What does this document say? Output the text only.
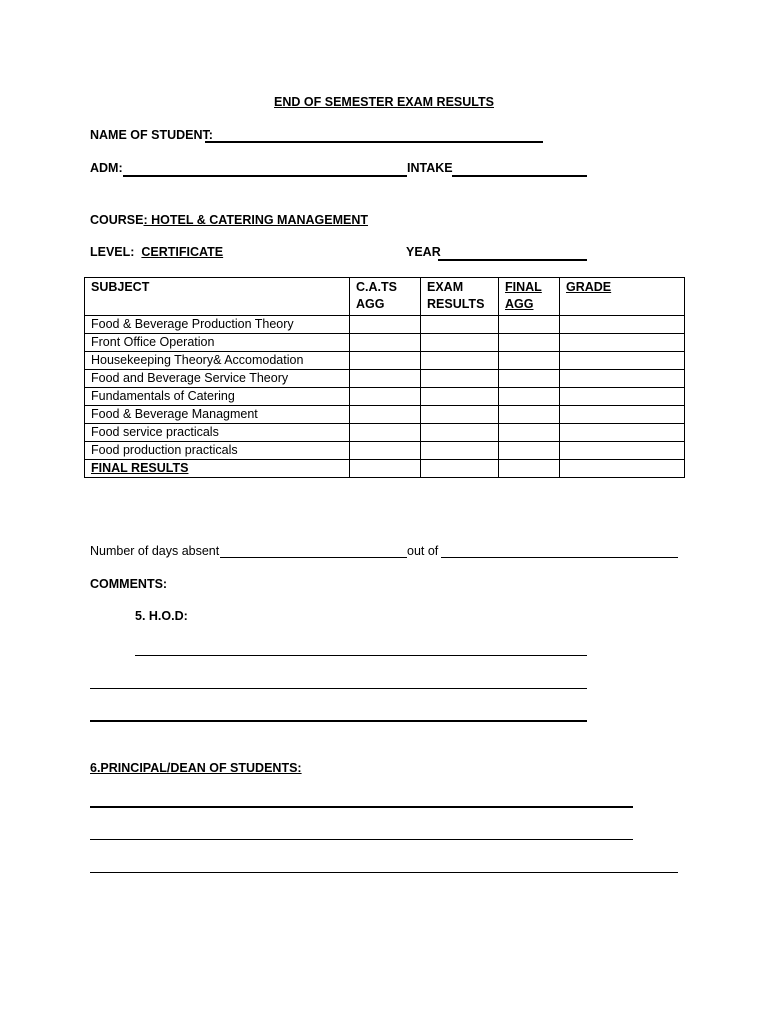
END OF SEMESTER EXAM RESULTS
NAME OF STUDENT:
ADM:	INTAKE
COURSE: HOTEL & CATERING MANAGEMENT
LEVEL: CERTIFICATE	YEAR
SUBJECT	C.A.TS AGG	EXAM RESULTS	FINAL AGG	GRADE
Food & Beverage Production Theory				
Front Office Operation				
Housekeeping Theory& Accomodation				
Food and Beverage Service Theory				
Fundamentals of Catering				
Food & Beverage Managment				
Food service practicals				
Food production practicals				
FINAL RESULTS				
Number of days absent	out of
COMMENTS:
5. H.O.D:
6.PRINCIPAL/DEAN OF STUDENTS:
